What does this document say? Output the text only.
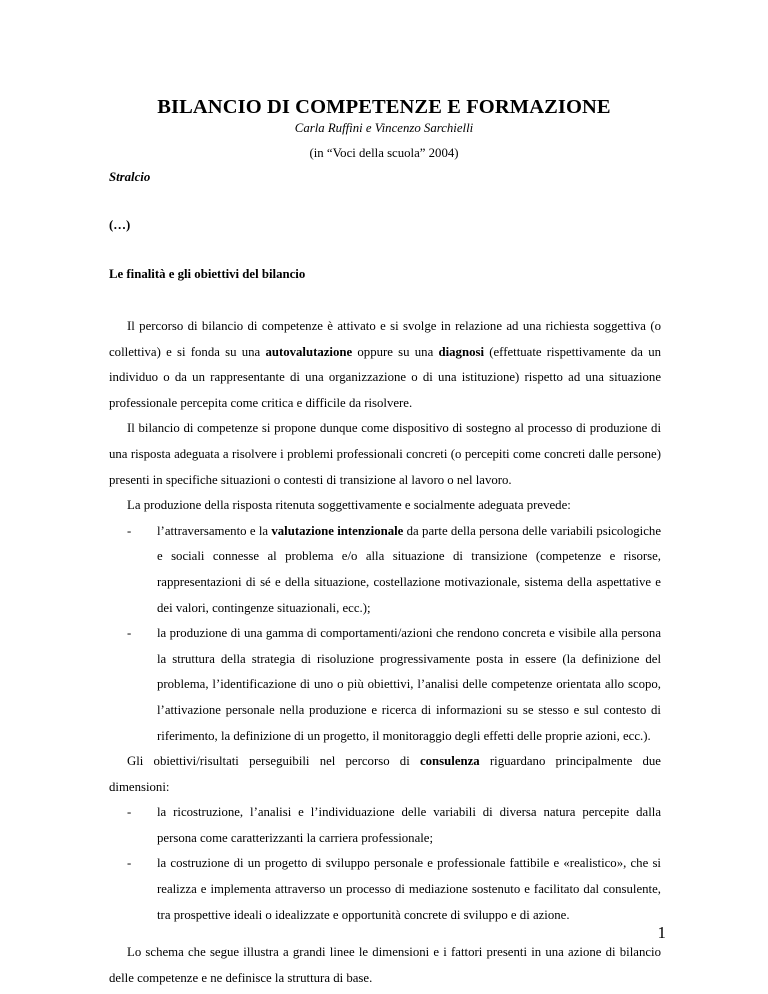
BILANCIO DI COMPETENZE E FORMAZIONE
Carla Ruffini e Vincenzo Sarchielli
(in “Voci della scuola” 2004)
Stralcio
(…)
Le finalità e gli obiettivi del bilancio

Il percorso di bilancio di competenze è attivato e si svolge in relazione ad una richiesta soggettiva (o collettiva) e si fonda su una autovalutazione oppure su una diagnosi (effettuate rispettivamente da un individuo o da un rappresentante di una organizzazione o di una istituzione) rispetto ad una situazione professionale percepita come critica e difficile da risolvere.

Il bilancio di competenze si propone dunque come dispositivo di sostegno al processo di produzione di una risposta adeguata a risolvere i problemi professionali concreti (o percepiti come concreti dalle persone) presenti in specifiche situazioni o contesti di transizione al lavoro o nel lavoro.

La produzione della risposta ritenuta soggettivamente e socialmente adeguata prevede:

- l’attraversamento e la valutazione intenzionale da parte della persona delle variabili psicologiche e sociali connesse al problema e/o alla situazione di transizione (competenze e risorse, rappresentazioni di sé e della situazione, costellazione motivazionale, sistema della aspettative e dei valori, contingenze situazionali, ecc.);
- la produzione di una gamma di comportamenti/azioni che rendono concreta e visibile alla persona la struttura della strategia di risoluzione progressivamente posta in essere (la definizione del problema, l’identificazione di uno o più obiettivi, l’analisi delle competenze orientata allo scopo, l’attivazione personale nella produzione e ricerca di informazioni su se stesso e sul contesto di riferimento, la definizione di un progetto, il monitoraggio degli effetti delle proprie azioni, ecc.).

Gli obiettivi/risultati perseguibili nel percorso di consulenza riguardano principalmente due dimensioni:

- la ricostruzione, l’analisi e l’individuazione delle variabili di diversa natura percepite dalla persona come caratterizzanti la carriera professionale;
- la costruzione di un progetto di sviluppo personale e professionale fattibile e «realistico», che si realizza e implementa attraverso un processo di mediazione sostenuto e facilitato dal consulente, tra prospettive ideali o idealizzate e opportunità concrete di sviluppo e di azione.

Lo schema che segue illustra a grandi linee le dimensioni e i fattori presenti in una azione di bilancio delle competenze e ne definisce la struttura di base.

1
